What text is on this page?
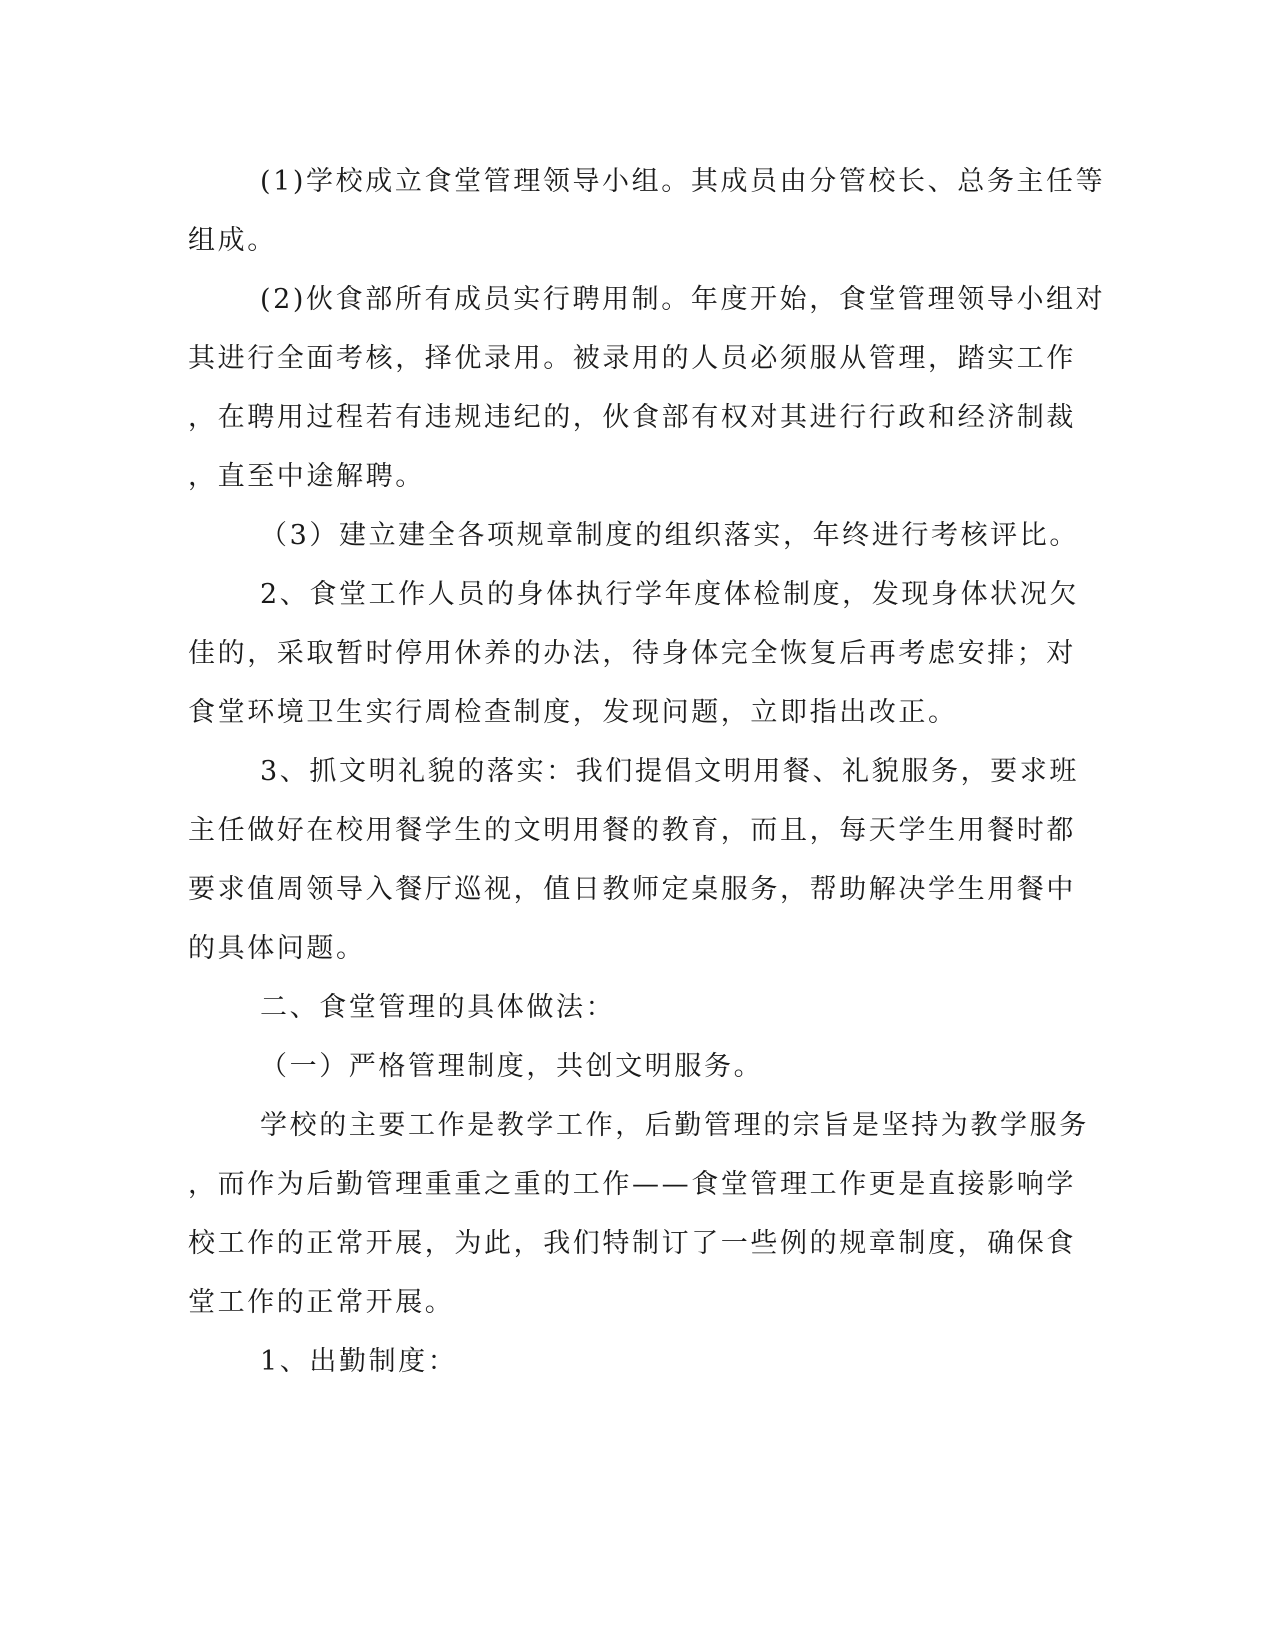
(1)学校成立食堂管理领导小组。其成员由分管校长、总务主任等
组成。
(2)伙食部所有成员实行聘用制。年度开始，食堂管理领导小组对
其进行全面考核，择优录用。被录用的人员必须服从管理，踏实工作
，在聘用过程若有违规违纪的，伙食部有权对其进行行政和经济制裁
，直至中途解聘。
（3）建立建全各项规章制度的组织落实，年终进行考核评比。
2、食堂工作人员的身体执行学年度体检制度，发现身体状况欠
佳的，采取暂时停用休养的办法，待身体完全恢复后再考虑安排；对
食堂环境卫生实行周检查制度，发现问题，立即指出改正。
3、抓文明礼貌的落实：我们提倡文明用餐、礼貌服务，要求班
主任做好在校用餐学生的文明用餐的教育，而且，每天学生用餐时都
要求值周领导入餐厅巡视，值日教师定桌服务，帮助解决学生用餐中
的具体问题。
二、食堂管理的具体做法：
（一）严格管理制度，共创文明服务。
学校的主要工作是教学工作，后勤管理的宗旨是坚持为教学服务
，而作为后勤管理重重之重的工作——食堂管理工作更是直接影响学
校工作的正常开展，为此，我们特制订了一些例的规章制度，确保食
堂工作的正常开展。
1、出勤制度：
